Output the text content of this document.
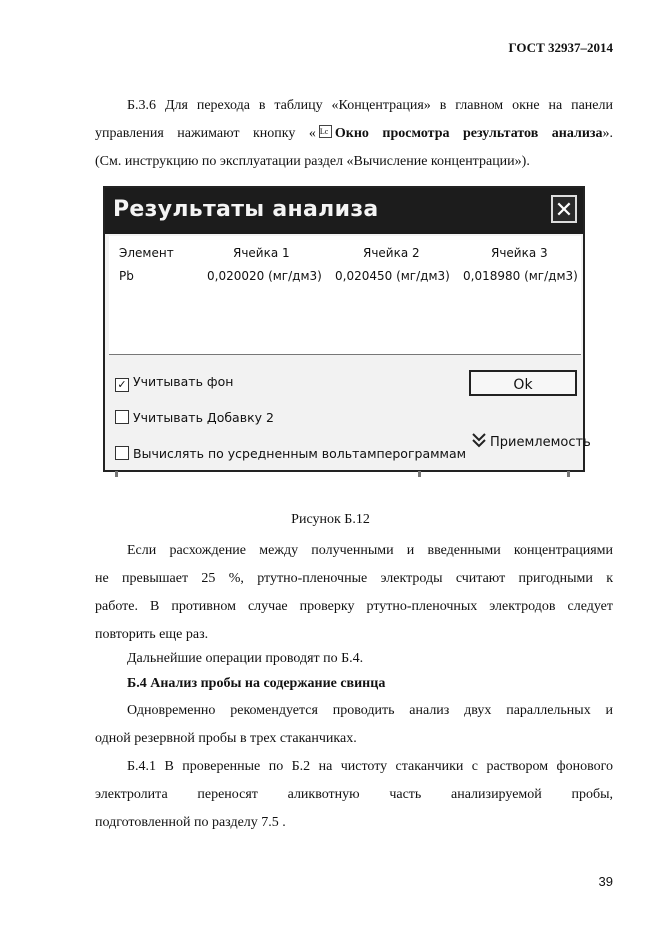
ГОСТ 32937–2014
Б.3.6 Для перехода в таблицу «Концентрация» в главном окне на панели
управления нажимают кнопку « Lc Окно просмотра результатов анализа».
(См. инструкцию по эксплуатации раздел «Вычисление концентрации»).
Результаты анализа	✕
Элемент	Ячейка 1	Ячейка 2	Ячейка 3
Pb	0,020020 (мг/дм3) 0,020450 (мг/дм3) 0,018980 (мг/дм3)
✓ Учитывать фон
Учитывать Добавку 2
Вычислять по усредненным вольтамперограммам
Ok
Приемлемость
Рисунок Б.12
Если расхождение между полученными и введенными концентрациями
не превышает 25 %, ртутно-пленочные электроды считают пригодными к
работе. В противном случае проверку ртутно-пленочных электродов следует
повторить еще раз.
Дальнейшие операции проводят по Б.4.
Б.4 Анализ пробы на содержание свинца
Одновременно рекомендуется проводить анализ двух параллельных и
одной резервной пробы в трех стаканчиках.
Б.4.1 В проверенные по Б.2 на чистоту стаканчики с раствором фонового
электролита переносят аликвотную часть анализируемой пробы,
подготовленной по разделу 7.5 .
39
